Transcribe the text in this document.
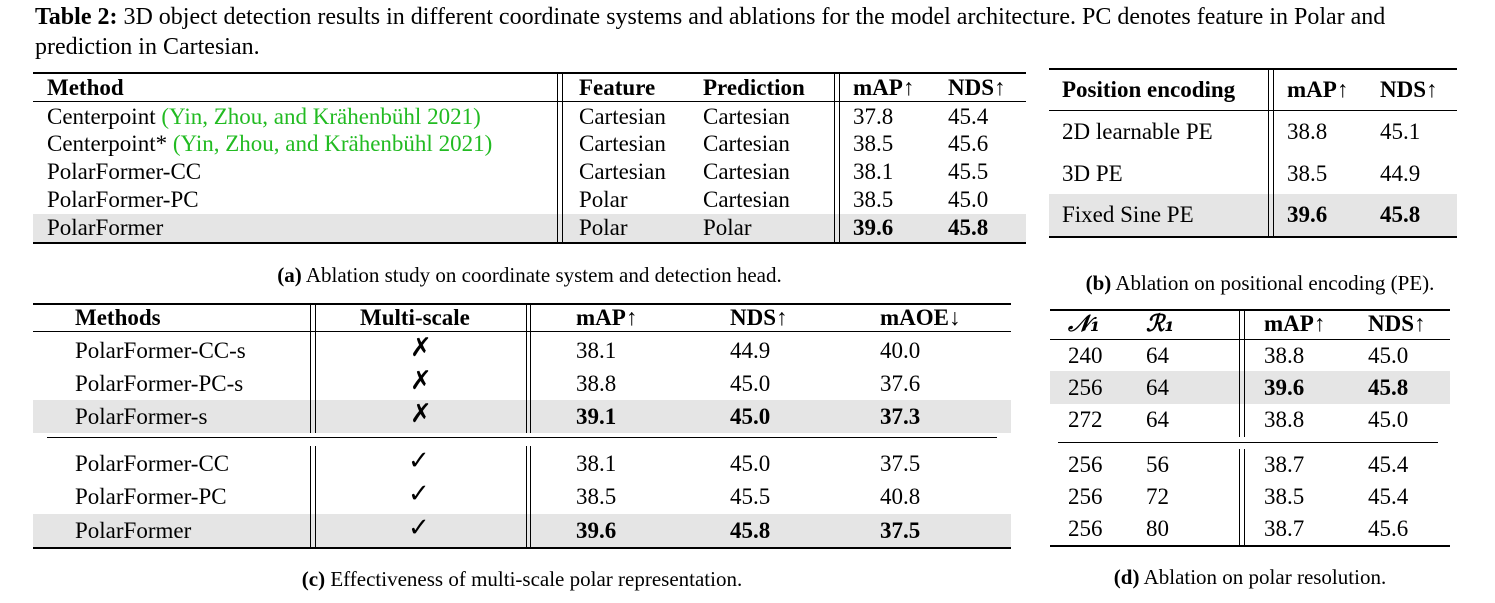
Table 2: 3D object detection results in different coordinate systems and ablations for the model architecture. PC denotes feature in Polar and prediction in Cartesian.
Method	Feature Prediction mAP↑ NDS↑
Centerpoint (Yin, Zhou, and Krähenbühl 2021)	Cartesian Cartesian	37.8 45.4
Centerpoint* (Yin, Zhou, and Krähenbühl 2021)	Cartesian Cartesian	38.5 45.6
PolarFormer-CC	Cartesian Cartesian	38.1 45.5
PolarFormer-PC	Polar	Cartesian	38.5 45.0
PolarFormer	Polar	Polar	39.6 45.8
(a) Ablation study on coordinate system and detection head.
Position encoding mAP↑ NDS↑
2D learnable PE	38.8 45.1
3D PE	38.5 44.9
Fixed Sine PE	39.6 45.8
(b) Ablation on positional encoding (PE).
Methods	Multi-scale	mAP↑	NDS↑	mAOE↓
PolarFormer-CC-s	✗	38.1	44.9	40.0
PolarFormer-PC-s	✗	38.8	45.0	37.6
PolarFormer-s	✗	39.1	45.0	37.3
PolarFormer-CC	✓	38.1	45.0	37.5
PolarFormer-PC	✓	38.5	45.5	40.8
PolarFormer	✓	39.6	45.8	37.5
(c) Effectiveness of multi-scale polar representation.
𝒩₁ ℛ₁	mAP↑ NDS↑
240 64	38.8	45.0
256 64	39.6	45.8
272 64	38.8	45.0
256 56	38.7	45.4
256 72	38.5	45.4
256 80	38.7	45.6
(d) Ablation on polar resolution.
